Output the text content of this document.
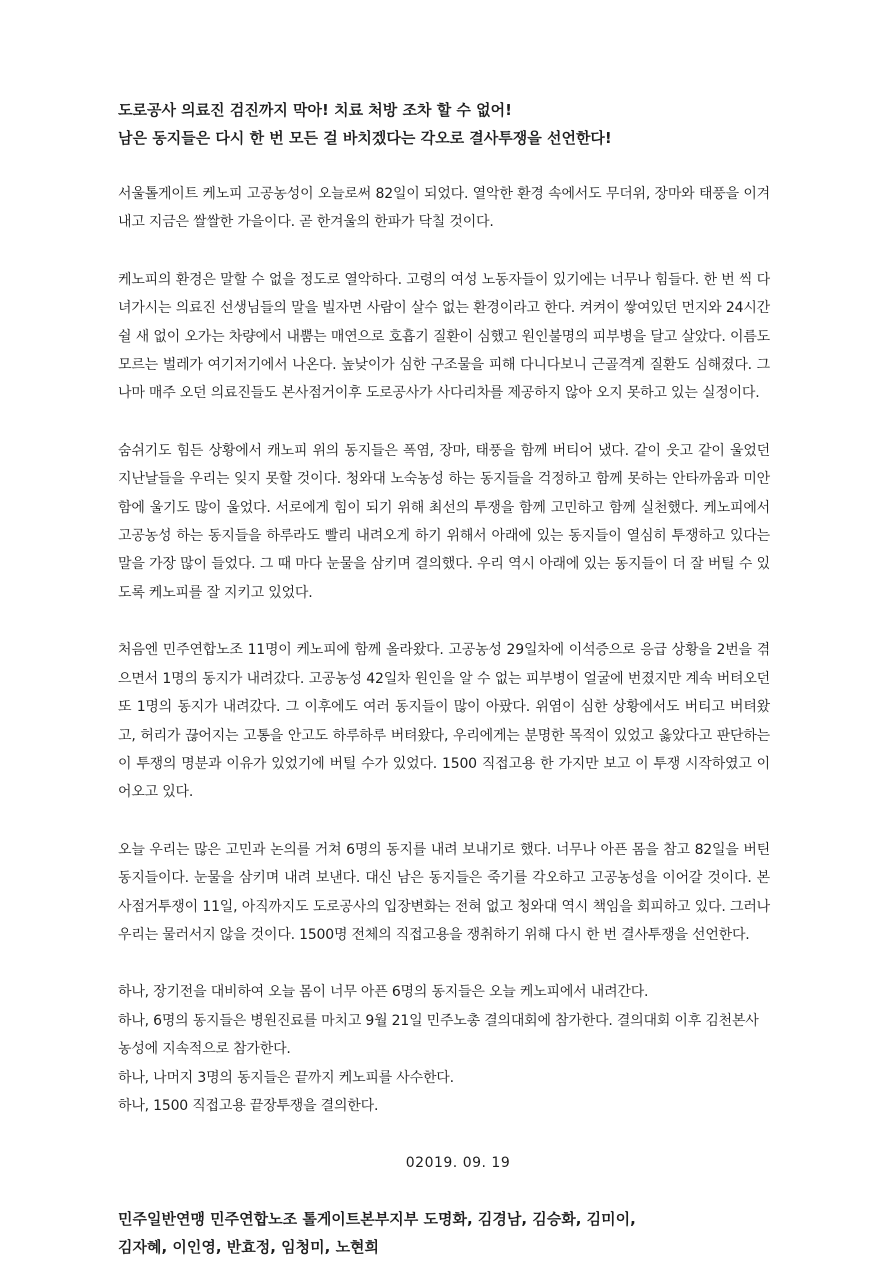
도로공사 의료진 검진까지 막아! 치료 처방 조차 할 수 없어!

남은 동지들은 다시 한 번 모든 걸 바치겠다는 각오로 결사투쟁을 선언한다!

서울톨게이트 케노피 고공농성이 오늘로써 82일이 되었다. 열악한 환경 속에서도 무더위, 장마와 태풍을 이겨내고 지금은 쌀쌀한 가을이다. 곧 한겨울의 한파가 닥칠 것이다.

케노피의 환경은 말할 수 없을 정도로 열악하다. 고령의 여성 노동자들이 있기에는 너무나 힘들다. 한 번 씩 다녀가시는 의료진 선생님들의 말을 빌자면 사람이 살수 없는 환경이라고 한다. 켜켜이 쌓여있던 먼지와 24시간 쉴 새 없이 오가는 차량에서 내뿜는 매연으로 호흡기 질환이 심했고 원인불명의 피부병을 달고 살았다. 이름도 모르는 벌레가 여기저기에서 나온다. 높낮이가 심한 구조물을 피해 다니다보니 근골격계 질환도 심해졌다. 그나마 매주 오던 의료진들도 본사점거이후 도로공사가 사다리차를 제공하지 않아 오지 못하고 있는 실정이다.

숨쉬기도 힘든 상황에서 캐노피 위의 동지들은 폭염, 장마, 태풍을 함께 버티어 냈다. 같이 웃고 같이 울었던 지난날들을 우리는 잊지 못할 것이다. 청와대 노숙농성 하는 동지들을 걱정하고 함께 못하는 안타까움과 미안함에 울기도 많이 울었다. 서로에게 힘이 되기 위해 최선의 투쟁을 함께 고민하고 함께 실천했다. 케노피에서 고공농성 하는 동지들을 하루라도 빨리 내려오게 하기 위해서 아래에 있는 동지들이 열심히 투쟁하고 있다는 말을 가장 많이 들었다. 그 때 마다 눈물을 삼키며 결의했다. 우리 역시 아래에 있는 동지들이 더 잘 버틸 수 있도록 케노피를 잘 지키고 있었다.

처음엔 민주연합노조 11명이 케노피에 함께 올라왔다. 고공농성 29일차에 이석증으로 응급 상황을 2번을 겪으면서 1명의 동지가 내려갔다. 고공농성 42일차 원인을 알 수 없는 피부병이 얼굴에 번졌지만 계속 버텨오던 또 1명의 동지가 내려갔다. 그 이후에도 여러 동지들이 많이 아팠다. 위염이 심한 상황에서도 버티고 버텨왔고, 허리가 끊어지는 고통을 안고도 하루하루 버텨왔다, 우리에게는 분명한 목적이 있었고 옳았다고 판단하는 이 투쟁의 명분과 이유가 있었기에 버틸 수가 있었다. 1500 직접고용 한 가지만 보고 이 투쟁 시작하였고 이어오고 있다.

오늘 우리는 많은 고민과 논의를 거쳐 6명의 동지를 내려 보내기로 했다. 너무나 아픈 몸을 참고 82일을 버틴 동지들이다. 눈물을 삼키며 내려 보낸다. 대신 남은 동지들은 죽기를 각오하고 고공농성을 이어갈 것이다. 본사점거투쟁이 11일, 아직까지도 도로공사의 입장변화는 전혀 없고 청와대 역시 책임을 회피하고 있다. 그러나 우리는 물러서지 않을 것이다. 1500명 전체의 직접고용을 쟁취하기 위해 다시 한 번 결사투쟁을 선언한다.

하나, 장기전을 대비하여 오늘 몸이 너무 아픈 6명의 동지들은 오늘 케노피에서 내려간다.
하나, 6명의 동지들은 병원진료를 마치고 9월 21일 민주노총 결의대회에 참가한다. 결의대회 이후 김천본사농성에 지속적으로 참가한다.
하나, 나머지 3명의 동지들은 끝까지 케노피를 사수한다.
하나, 1500 직접고용 끝장투쟁을 결의한다.

02019. 09. 19

민주일반연맹 민주연합노조 톨게이트본부지부 도명화, 김경남, 김승화, 김미이,

김자혜, 이인영, 반효정, 임청미, 노현희
